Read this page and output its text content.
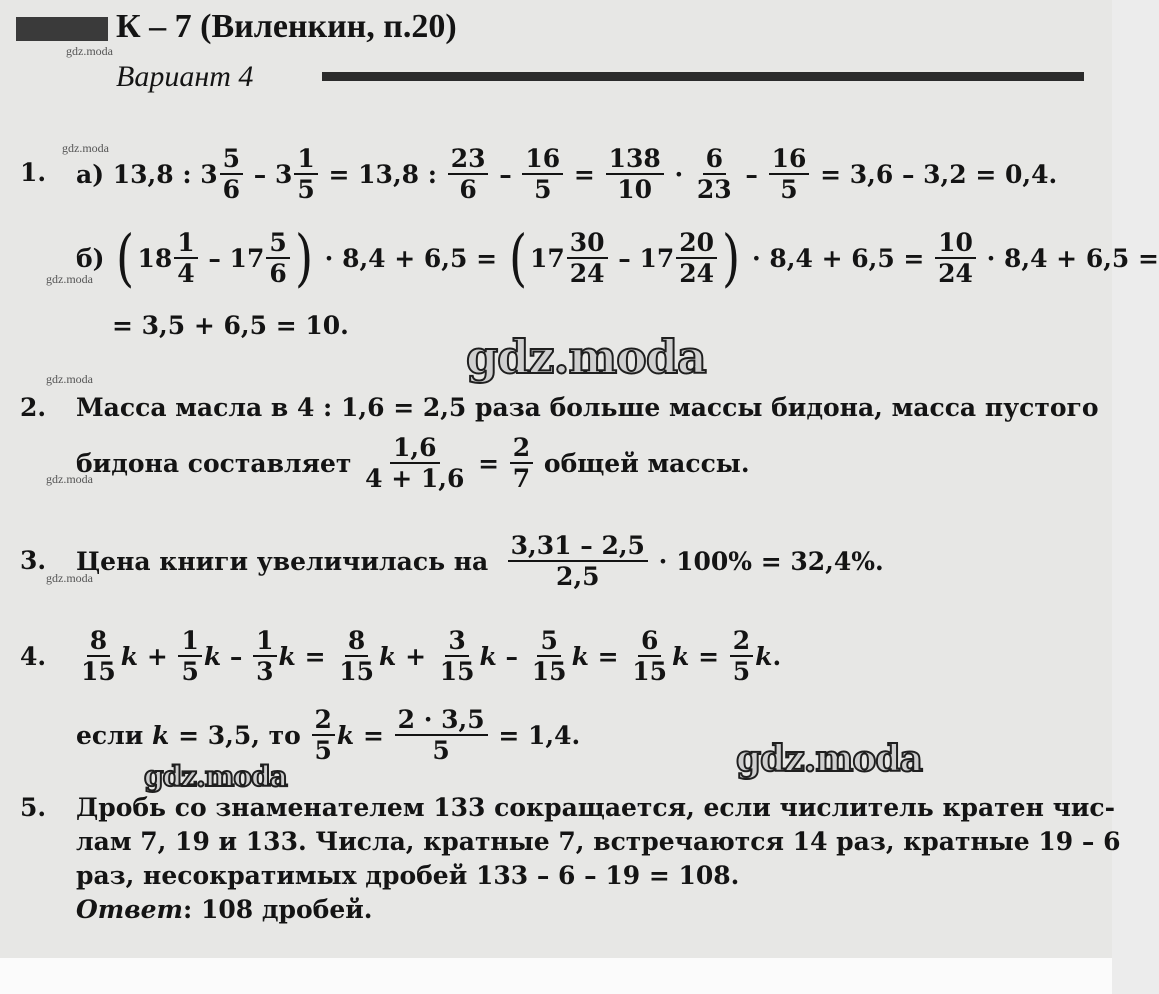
К – 7 (Виленкин, п.20)
Вариант 4
gdz.moda
gdz.moda
gdz.moda
gdz.moda
gdz.moda
gdz.moda
gdz.moda
gdz.moda
gdz.moda
1. а)
13,8 : $3 \frac{5}{6} - 3 \frac{1}{5} = 13,8$ : $\frac{23}{6} - \frac{16}{5} = \frac{138}{10} \cdot \frac{6}{23} - \frac{16}{5} = 3,6 - 3,2 = 0,4$.
б)
( $18 \frac{1}{4} - 17 \frac{5}{6}$ ) · 8,4 + 6,5 = ( $17 \frac{30}{24} - 17 \frac{20}{24}$ ) · $8,4 + 6,5 = \frac{10}{24} \cdot 8,4 + 6,5$ =
= 3,5 + 6,5 = 10.
2. Масса масла в 4 : 1,6 = 2,5 раза больше массы бидона, масса пустого
бидона составляет
$\frac{1,6}{4 + 1,6} = \frac{2}{7}$
общей массы.
3. Цена книги увеличилась на
$\frac{3,31 - 2,5}{2,5} \cdot 100\% = 32,4\%$.
4. $\frac{8}{15}$ $k + \frac{1}{5}$ k – $\frac{1}{3}$ $k = \frac{8}{15}$ $k + \frac{3}{15}$ k – $\frac{5}{15}$ $k = \frac{6}{15}$ $k = \frac{2}{5}$ k .
если
k = 3,5, то
$\frac{2}{5}$ $k = \frac{2 \cdot 3,5}{5} = 1,4$.
5. Дробь со знаменателем 133 сокращается, если числитель кратен чис-
лам 7, 19 и 133. Числа, кратные 7, встречаются 14 раз, кратные 19 – 6
раз, несократимых дробей 133 – 6 – 19 = 108.
Ответ: 108 дробей.
